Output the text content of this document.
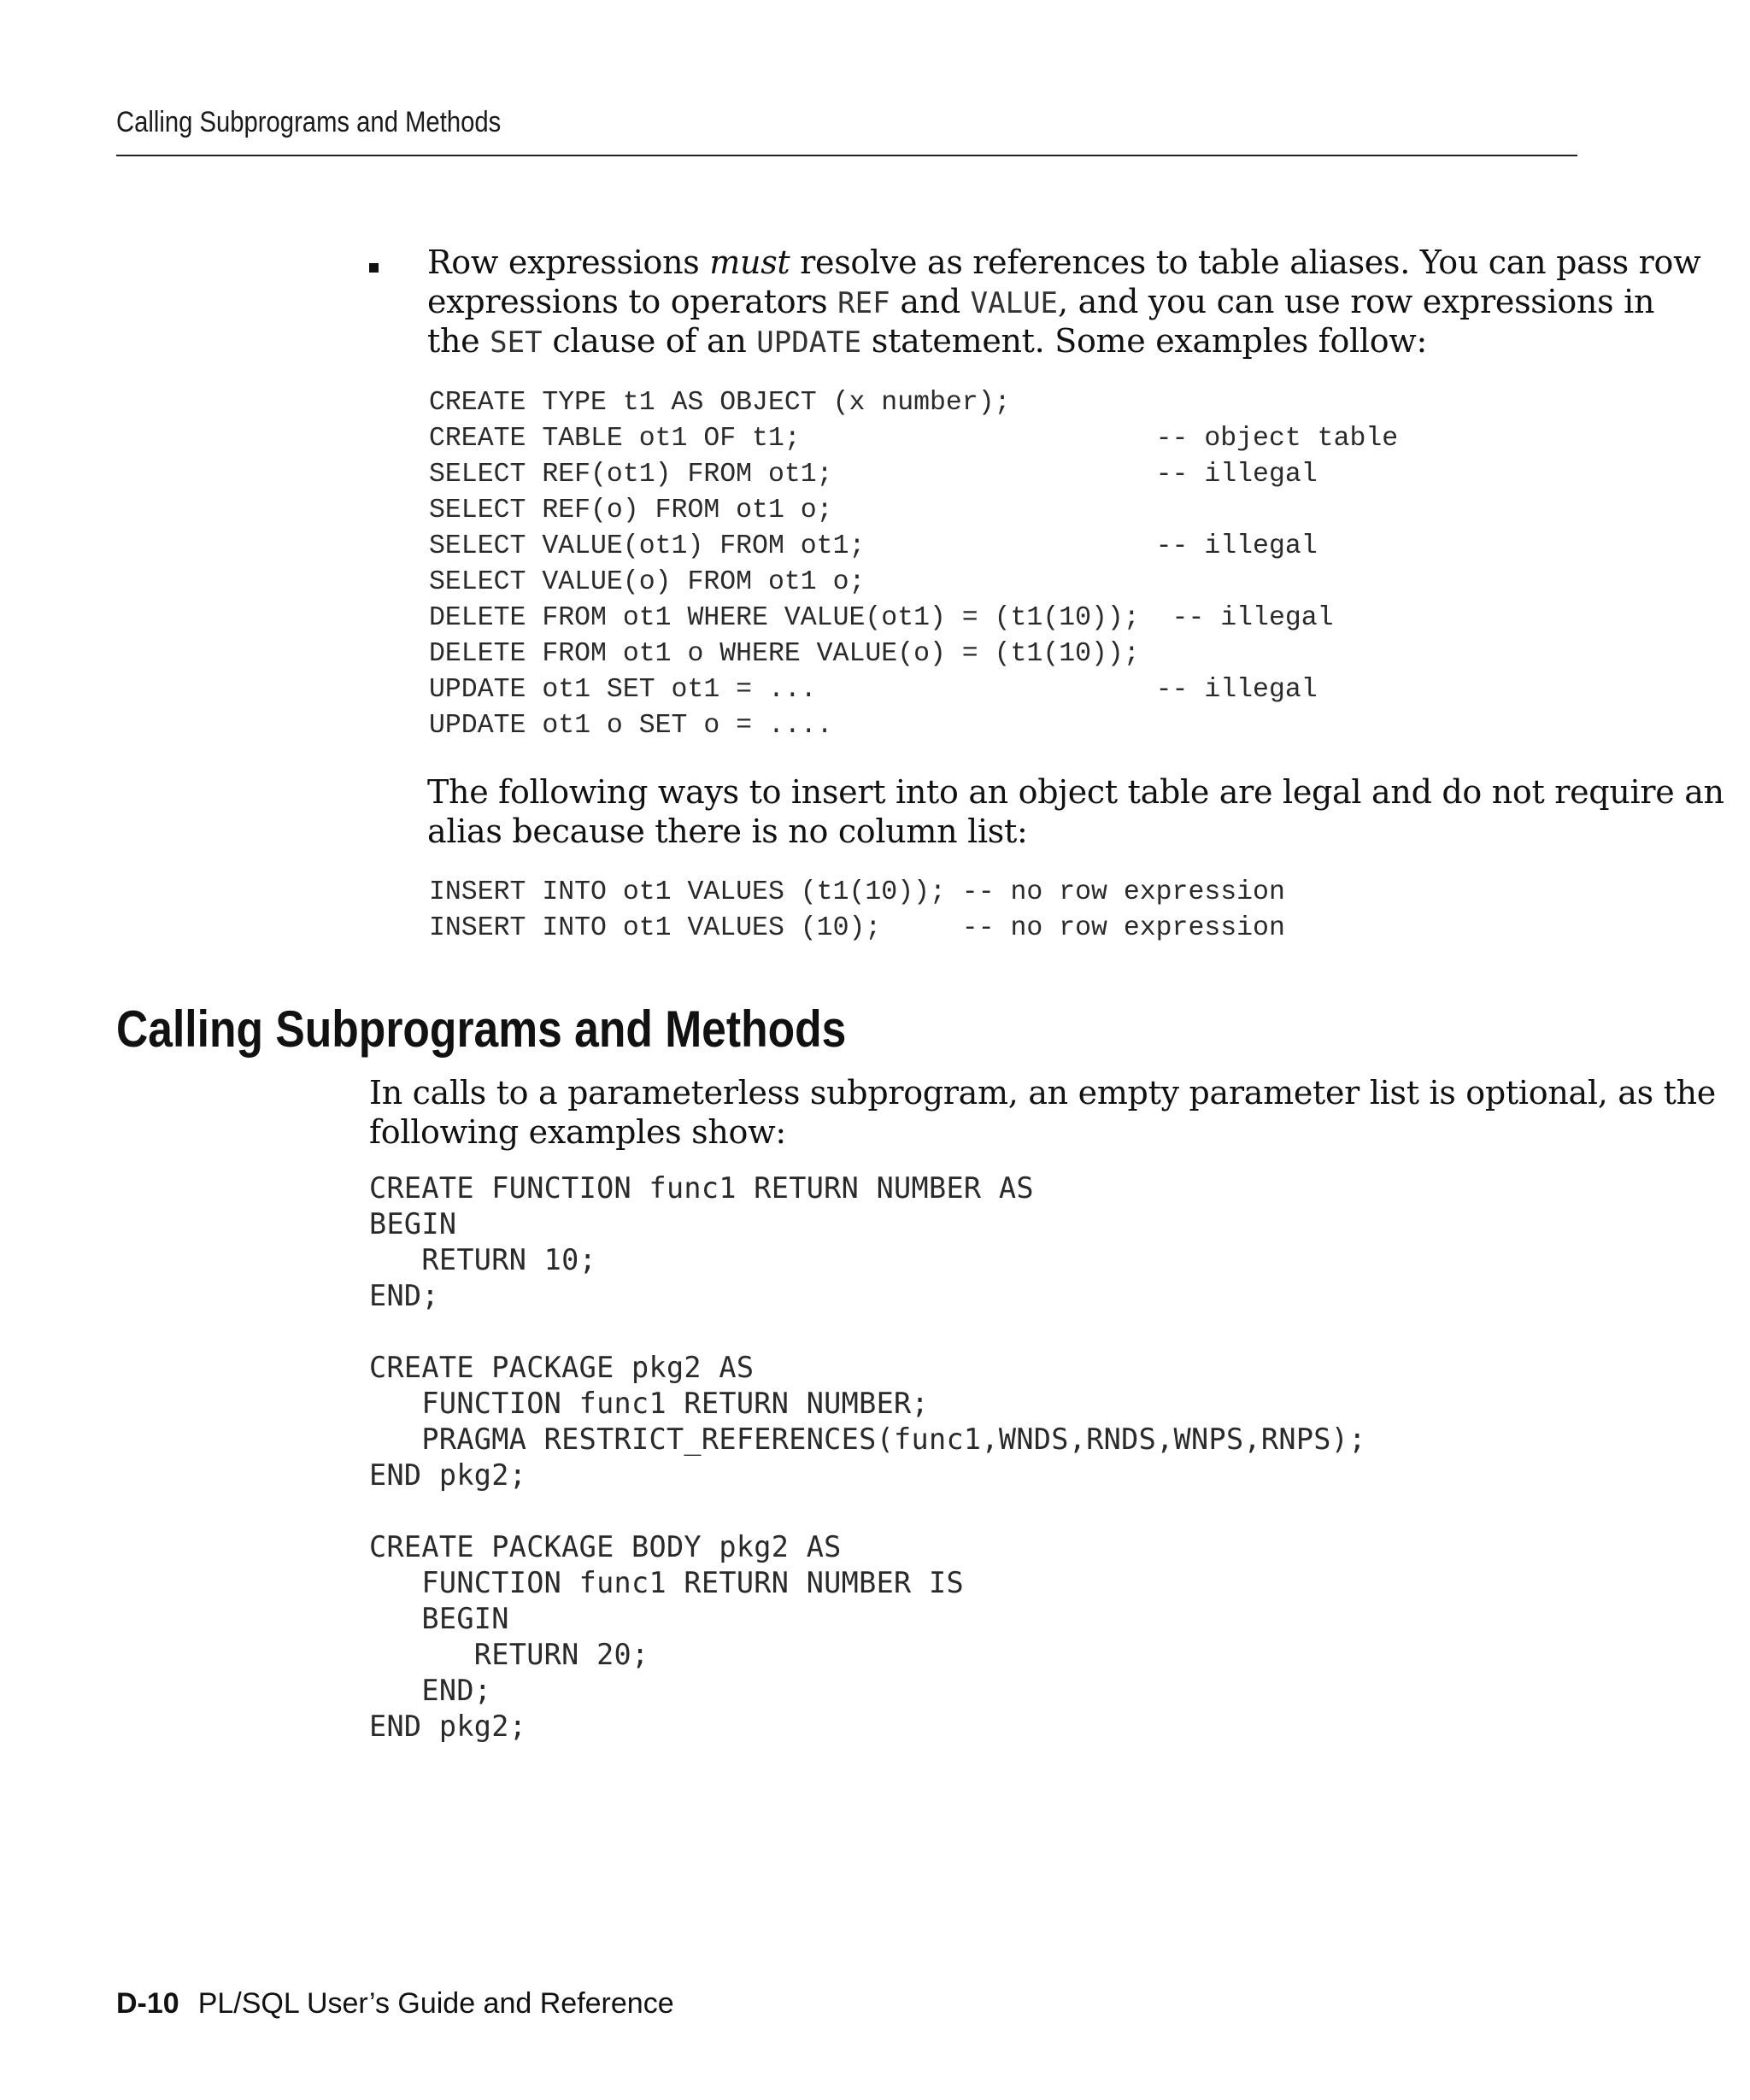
Calling Subprograms and Methods
Row expressions must resolve as references to table aliases. You can pass row
expressions to operators REF and VALUE, and you can use row expressions in
the SET clause of an UPDATE statement. Some examples follow:
CREATE TYPE t1 AS OBJECT (x number);
CREATE TABLE ot1 OF t1;                      -- object table
SELECT REF(ot1) FROM ot1;                    -- illegal
SELECT REF(o) FROM ot1 o;
SELECT VALUE(ot1) FROM ot1;                  -- illegal
SELECT VALUE(o) FROM ot1 o;
DELETE FROM ot1 WHERE VALUE(ot1) = (t1(10));  -- illegal
DELETE FROM ot1 o WHERE VALUE(o) = (t1(10));
UPDATE ot1 SET ot1 = ...                     -- illegal
UPDATE ot1 o SET o = ....
The following ways to insert into an object table are legal and do not require an
alias because there is no column list:
INSERT INTO ot1 VALUES (t1(10)); -- no row expression
INSERT INTO ot1 VALUES (10);     -- no row expression
Calling Subprograms and Methods
In calls to a parameterless subprogram, an empty parameter list is optional, as the
following examples show:
CREATE FUNCTION func1 RETURN NUMBER AS
BEGIN
RETURN 10;
END;

CREATE PACKAGE pkg2 AS
FUNCTION func1 RETURN NUMBER;
PRAGMA RESTRICT_REFERENCES(func1,WNDS,RNDS,WNPS,RNPS);
END pkg2;

CREATE PACKAGE BODY pkg2 AS
FUNCTION func1 RETURN NUMBER IS
BEGIN
RETURN 20;
END;
END pkg2;
D-10 PL/SQL User’s Guide and Reference
